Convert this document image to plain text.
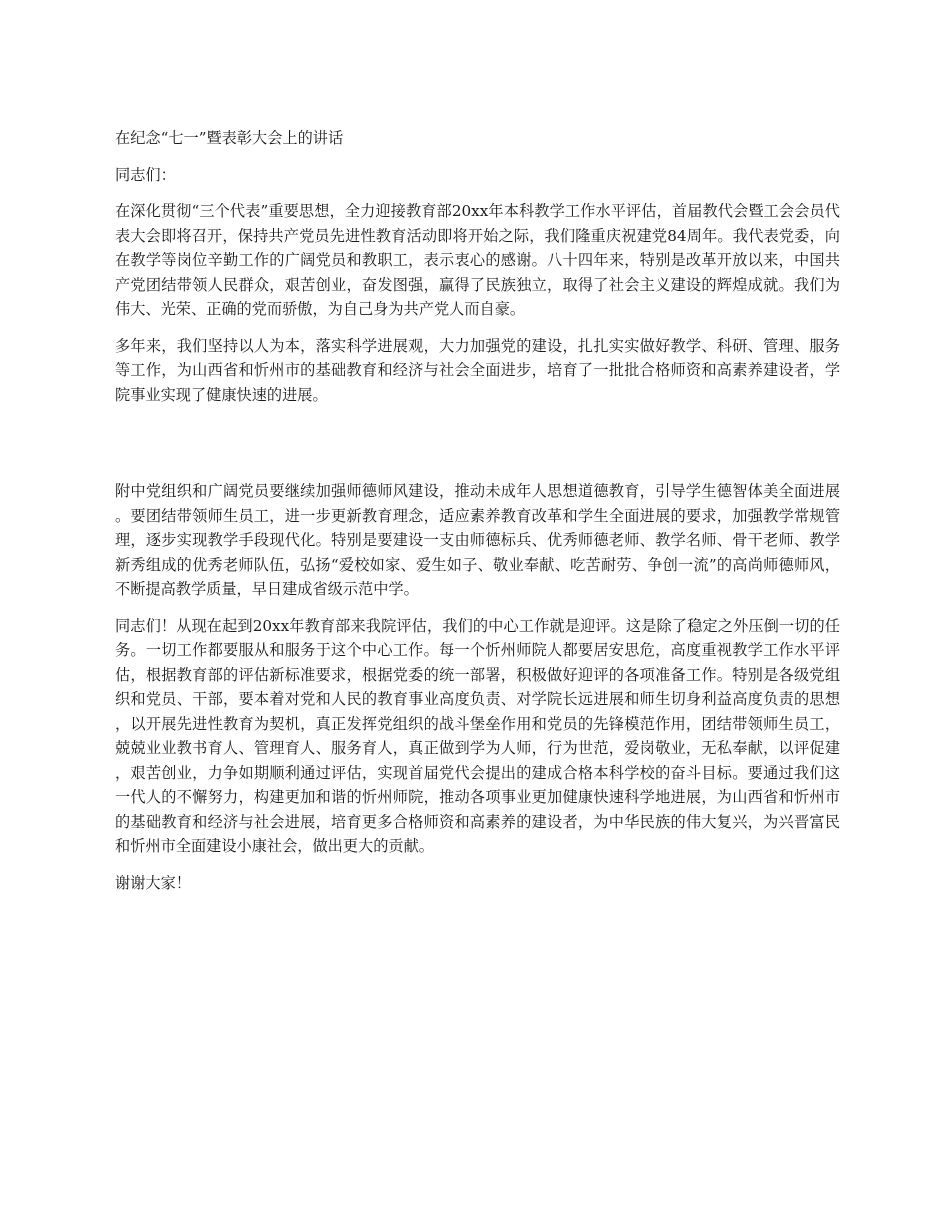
在纪念“七一”暨表彰大会上的讲话

同志们：

在深化贯彻“三个代表”重要思想，全力迎接教育部20xx年本科教学工作水平评估，首届教代会暨工会会员代表大会即将召开，保持共产党员先进性教育活动即将开始之际，我们隆重庆祝建党84周年。我代表党委，向在教学等岗位辛勤工作的广阔党员和教职工，表示衷心的感谢。八十四年来，特别是改革开放以来，中国共产党团结带领人民群众，艰苦创业，奋发图强，赢得了民族独立，取得了社会主义建设的辉煌成就。我们为伟大、光荣、正确的党而骄傲，为自己身为共产党人而自豪。

多年来，我们坚持以人为本，落实科学进展观，大力加强党的建设，扎扎实实做好教学、科研、管理、服务等工作，为山西省和忻州市的基础教育和经济与社会全面进步，培育了一批批合格师资和高素养建设者，学院事业实现了健康快速的进展。

附中党组织和广阔党员要继续加强师德师风建设，推动未成年人思想道德教育，引导学生德智体美全面进展。要团结带领师生员工，进一步更新教育理念，适应素养教育改革和学生全面进展的要求，加强教学常规管理，逐步实现教学手段现代化。特别是要建设一支由师德标兵、优秀师德老师、教学名师、骨干老师、教学新秀组成的优秀老师队伍，弘扬“爱校如家、爱生如子、敬业奉献、吃苦耐劳、争创一流”的高尚师德师风，不断提高教学质量，早日建成省级示范中学。

同志们！从现在起到20xx年教育部来我院评估，我们的中心工作就是迎评。这是除了稳定之外压倒一切的任务。一切工作都要服从和服务于这个中心工作。每一个忻州师院人都要居安思危，高度重视教学工作水平评估，根据教育部的评估新标准要求，根据党委的统一部署，积极做好迎评的各项准备工作。特别是各级党组织和党员、干部，要本着对党和人民的教育事业高度负责、对学院长远进展和师生切身利益高度负责的思想，以开展先进性教育为契机，真正发挥党组织的战斗堡垒作用和党员的先锋模范作用，团结带领师生员工，兢兢业业教书育人、管理育人、服务育人，真正做到学为人师，行为世范，爱岗敬业，无私奉献，以评促建，艰苦创业，力争如期顺利通过评估，实现首届党代会提出的建成合格本科学校的奋斗目标。要通过我们这一代人的不懈努力，构建更加和谐的忻州师院，推动各项事业更加健康快速科学地进展，为山西省和忻州市的基础教育和经济与社会进展，培育更多合格师资和高素养的建设者，为中华民族的伟大复兴，为兴晋富民和忻州市全面建设小康社会，做出更大的贡献。

谢谢大家！
